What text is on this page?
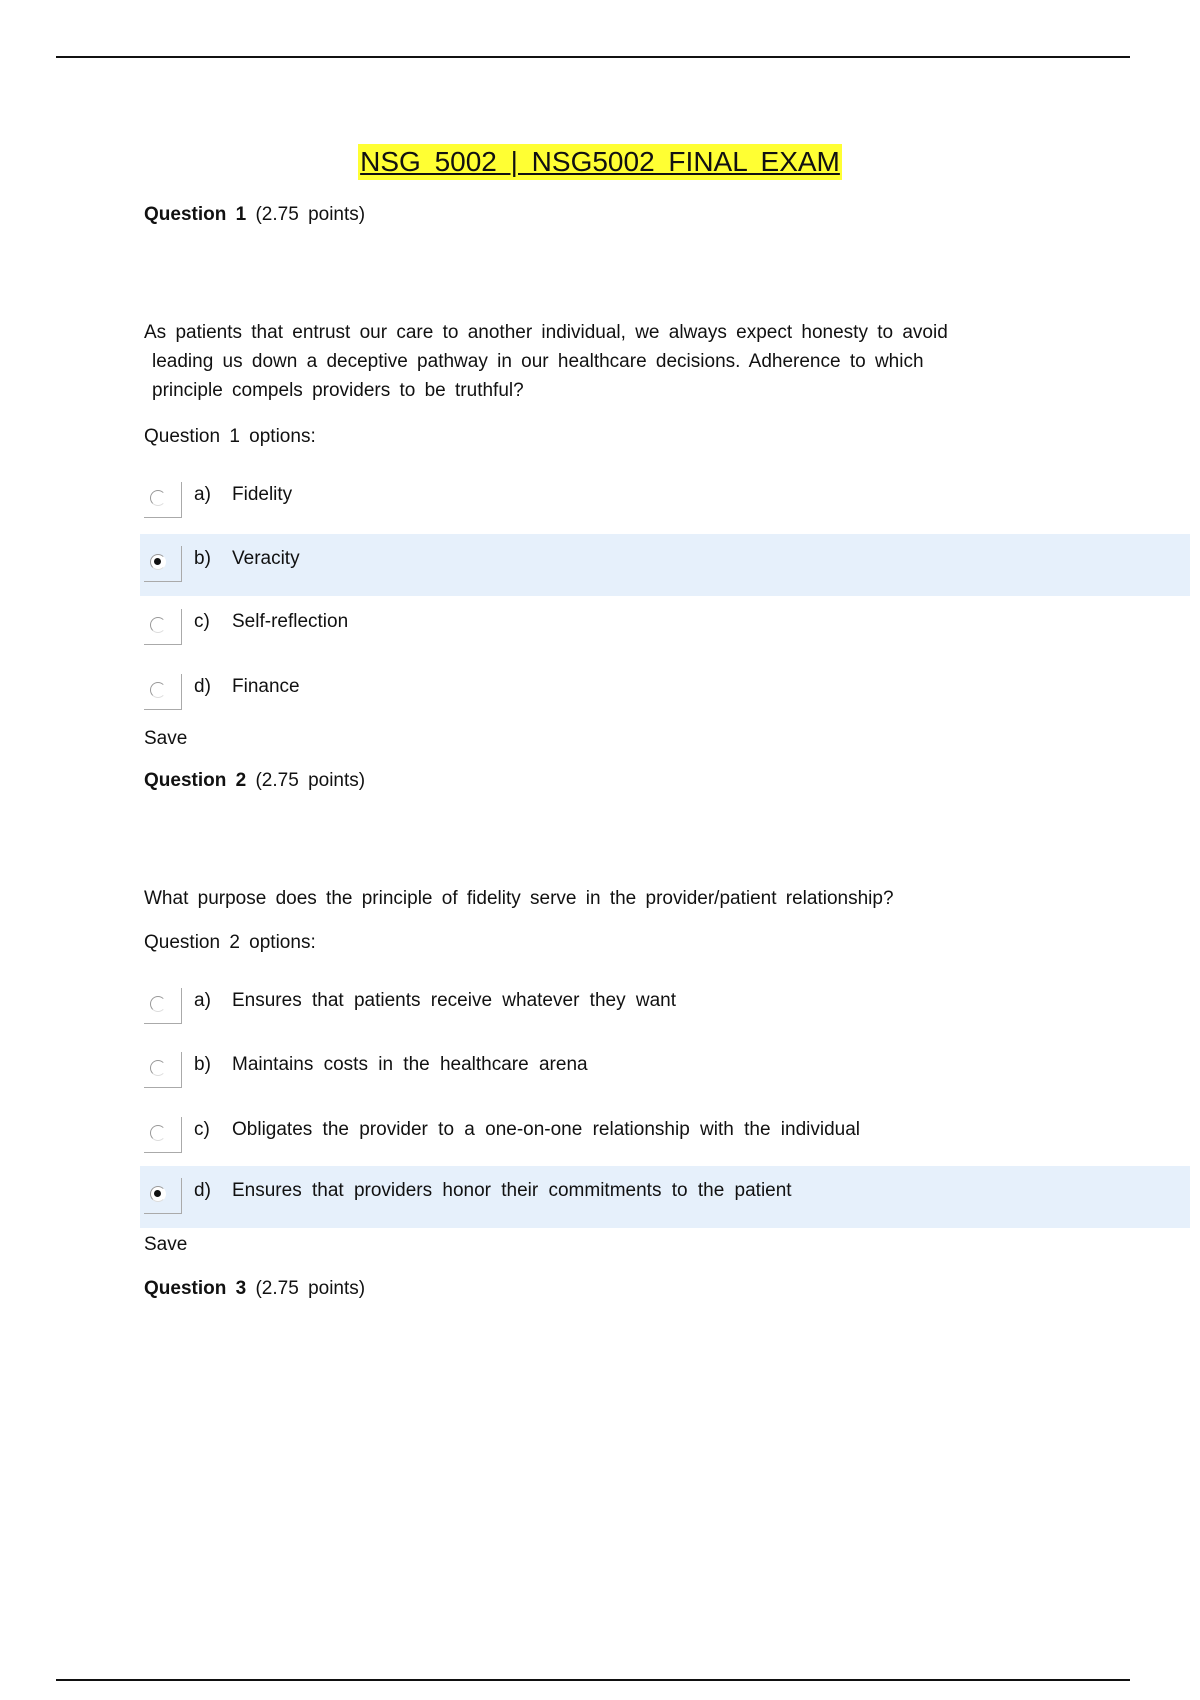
NSG 5002 | NSG5002 FINAL EXAM
Question 1 (2.75 points)
As patients that entrust our care to another individual, we always expect honesty to avoid
leading us down a deceptive pathway in our healthcare decisions. Adherence to which
principle compels providers to be truthful?
Question 1 options:
a) Fidelity
b) Veracity
c) Self-reflection
d) Finance
Save
Question 2 (2.75 points)
What purpose does the principle of fidelity serve in the provider/patient relationship?
Question 2 options:
a) Ensures that patients receive whatever they want
b) Maintains costs in the healthcare arena
c) Obligates the provider to a one-on-one relationship with the individual
d) Ensures that providers honor their commitments to the patient
Save
Question 3 (2.75 points)
